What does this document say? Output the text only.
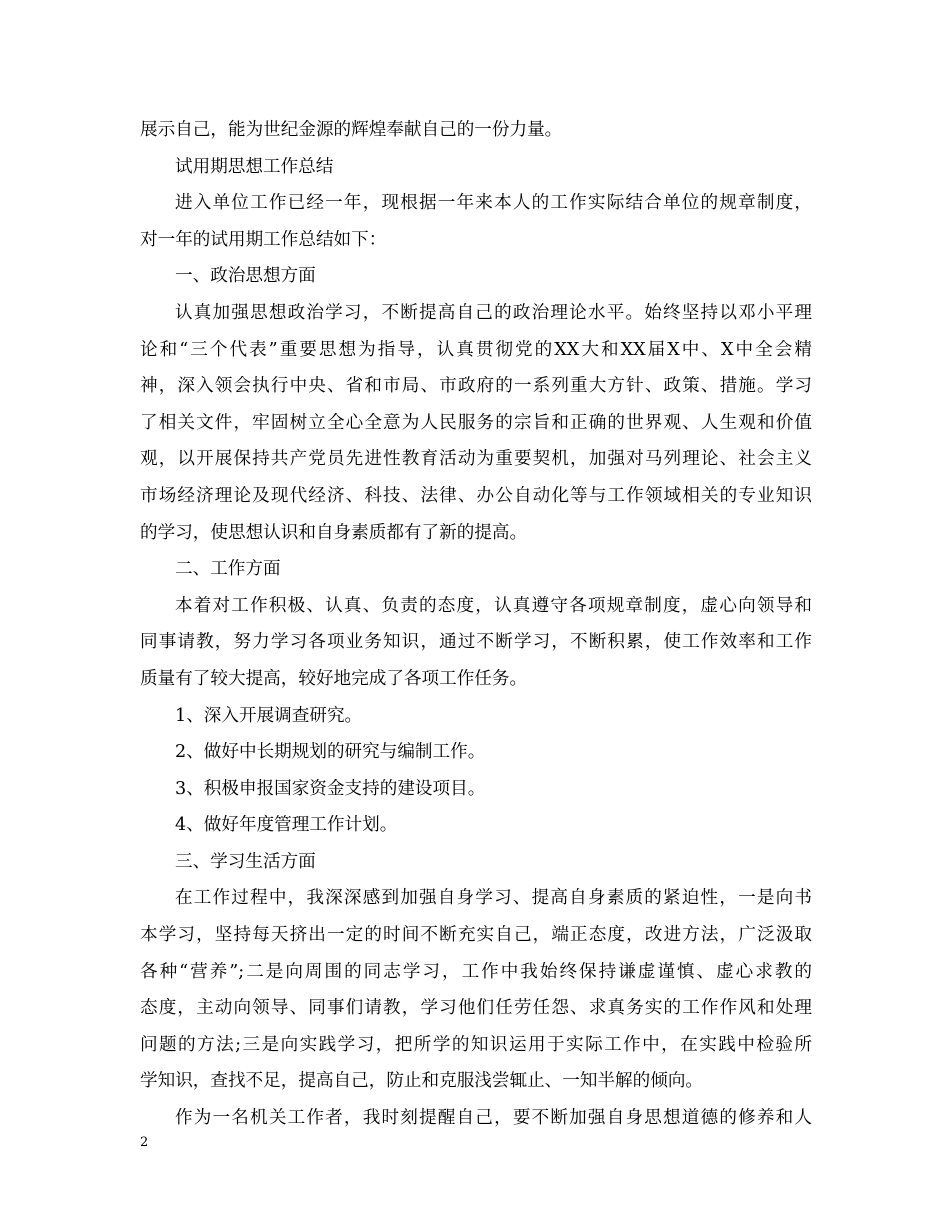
展示自己，能为世纪金源的辉煌奉献自己的一份力量。
试用期思想工作总结
进入单位工作已经一年，现根据一年来本人的工作实际结合单位的规章制度，
对一年的试用期工作总结如下：
一、政治思想方面
认真加强思想政治学习，不断提高自己的政治理论水平。始终坚持以邓小平理
论和“三个代表”重要思想为指导，认真贯彻党的XX大和XX届X中、X中全会精
神，深入领会执行中央、省和市局、市政府的一系列重大方针、政策、措施。学习
了相关文件，牢固树立全心全意为人民服务的宗旨和正确的世界观、人生观和价值
观，以开展保持共产党员先进性教育活动为重要契机，加强对马列理论、社会主义
市场经济理论及现代经济、科技、法律、办公自动化等与工作领域相关的专业知识
的学习，使思想认识和自身素质都有了新的提高。
二、工作方面
本着对工作积极、认真、负责的态度，认真遵守各项规章制度，虚心向领导和
同事请教，努力学习各项业务知识，通过不断学习，不断积累，使工作效率和工作
质量有了较大提高，较好地完成了各项工作任务。
1、深入开展调查研究。
2、做好中长期规划的研究与编制工作。
3、积极申报国家资金支持的建设项目。
4、做好年度管理工作计划。
三、学习生活方面
在工作过程中，我深深感到加强自身学习、提高自身素质的紧迫性，一是向书
本学习，坚持每天挤出一定的时间不断充实自己，端正态度，改进方法，广泛汲取
各种“营养”;二是向周围的同志学习，工作中我始终保持谦虚谨慎、虚心求教的
态度，主动向领导、同事们请教，学习他们任劳任怨、求真务实的工作作风和处理
问题的方法;三是向实践学习，把所学的知识运用于实际工作中，在实践中检验所
学知识，查找不足，提高自己，防止和克服浅尝辄止、一知半解的倾向。
作为一名机关工作者，我时刻提醒自己，要不断加强自身思想道德的修养和人
2
